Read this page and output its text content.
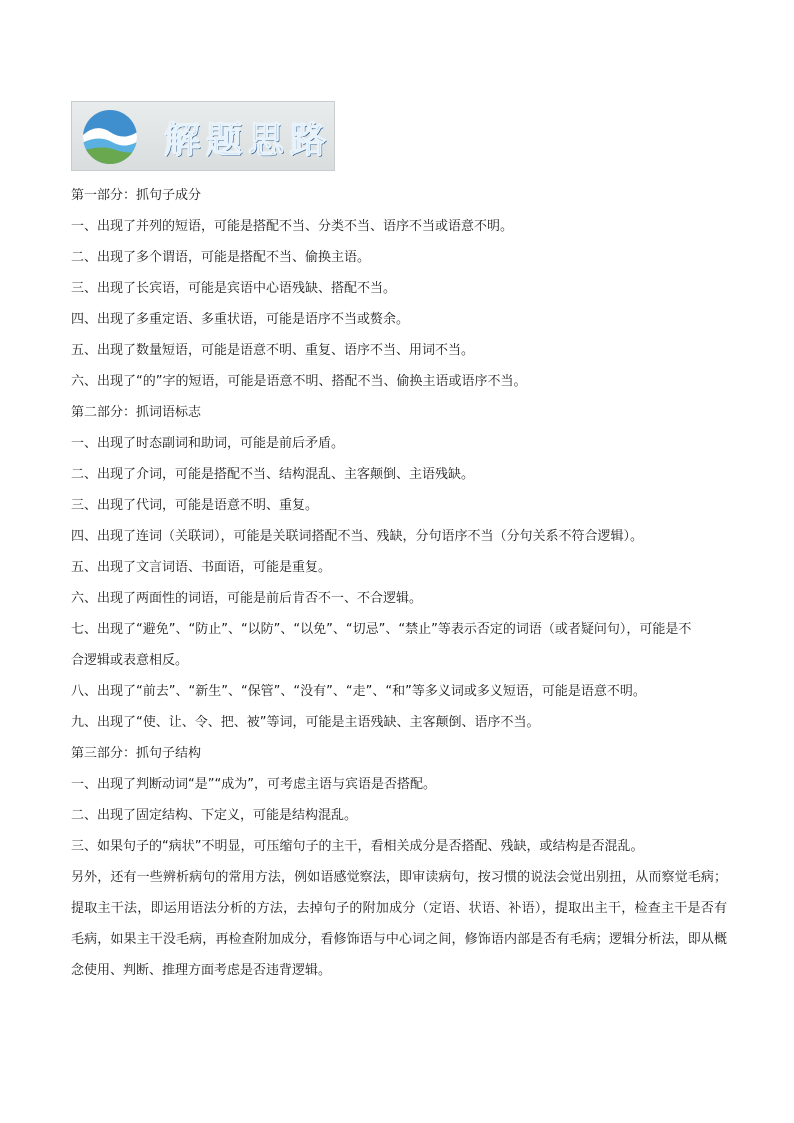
解题思路
第一部分：抓句子成分
一、出现了并列的短语，可能是搭配不当、分类不当、语序不当或语意不明。
二、出现了多个谓语，可能是搭配不当、偷换主语。
三、出现了长宾语，可能是宾语中心语残缺、搭配不当。
四、出现了多重定语、多重状语，可能是语序不当或赘余。
五、出现了数量短语，可能是语意不明、重复、语序不当、用词不当。
六、出现了“的”字的短语，可能是语意不明、搭配不当、偷换主语或语序不当。
第二部分：抓词语标志
一、出现了时态副词和助词，可能是前后矛盾。
二、出现了介词，可能是搭配不当、结构混乱、主客颠倒、主语残缺。
三、出现了代词，可能是语意不明、重复。
四、出现了连词（关联词），可能是关联词搭配不当、残缺，分句语序不当（分句关系不符合逻辑）。
五、出现了文言词语、书面语，可能是重复。
六、出现了两面性的词语，可能是前后肯否不一、不合逻辑。
七、出现了“避免”、“防止”、“以防”、“以免”、“切忌”、“禁止”等表示否定的词语（或者疑问句），可能是不
合逻辑或表意相反。
八、出现了“前去”、“新生”、“保管”、“没有”、“走”、“和”等多义词或多义短语，可能是语意不明。
九、出现了“使、让、令、把、被”等词，可能是主语残缺、主客颠倒、语序不当。
第三部分：抓句子结构
一、出现了判断动词“是”“成为”，可考虑主语与宾语是否搭配。
二、出现了固定结构、下定义，可能是结构混乱。
三、如果句子的“病状”不明显，可压缩句子的主干，看相关成分是否搭配、残缺，或结构是否混乱。
另外，还有一些辨析病句的常用方法，例如语感觉察法，即审读病句，按习惯的说法会觉出别扭，从而察觉毛病；提取主干法，即运用语法分析的方法，去掉句子的附加成分（定语、状语、补语），提取出主干，检查主干是否有毛病，如果主干没毛病，再检查附加成分，看修饰语与中心词之间，修饰语内部是否有毛病；逻辑分析法，即从概念使用、判断、推理方面考虑是否违背逻辑。
